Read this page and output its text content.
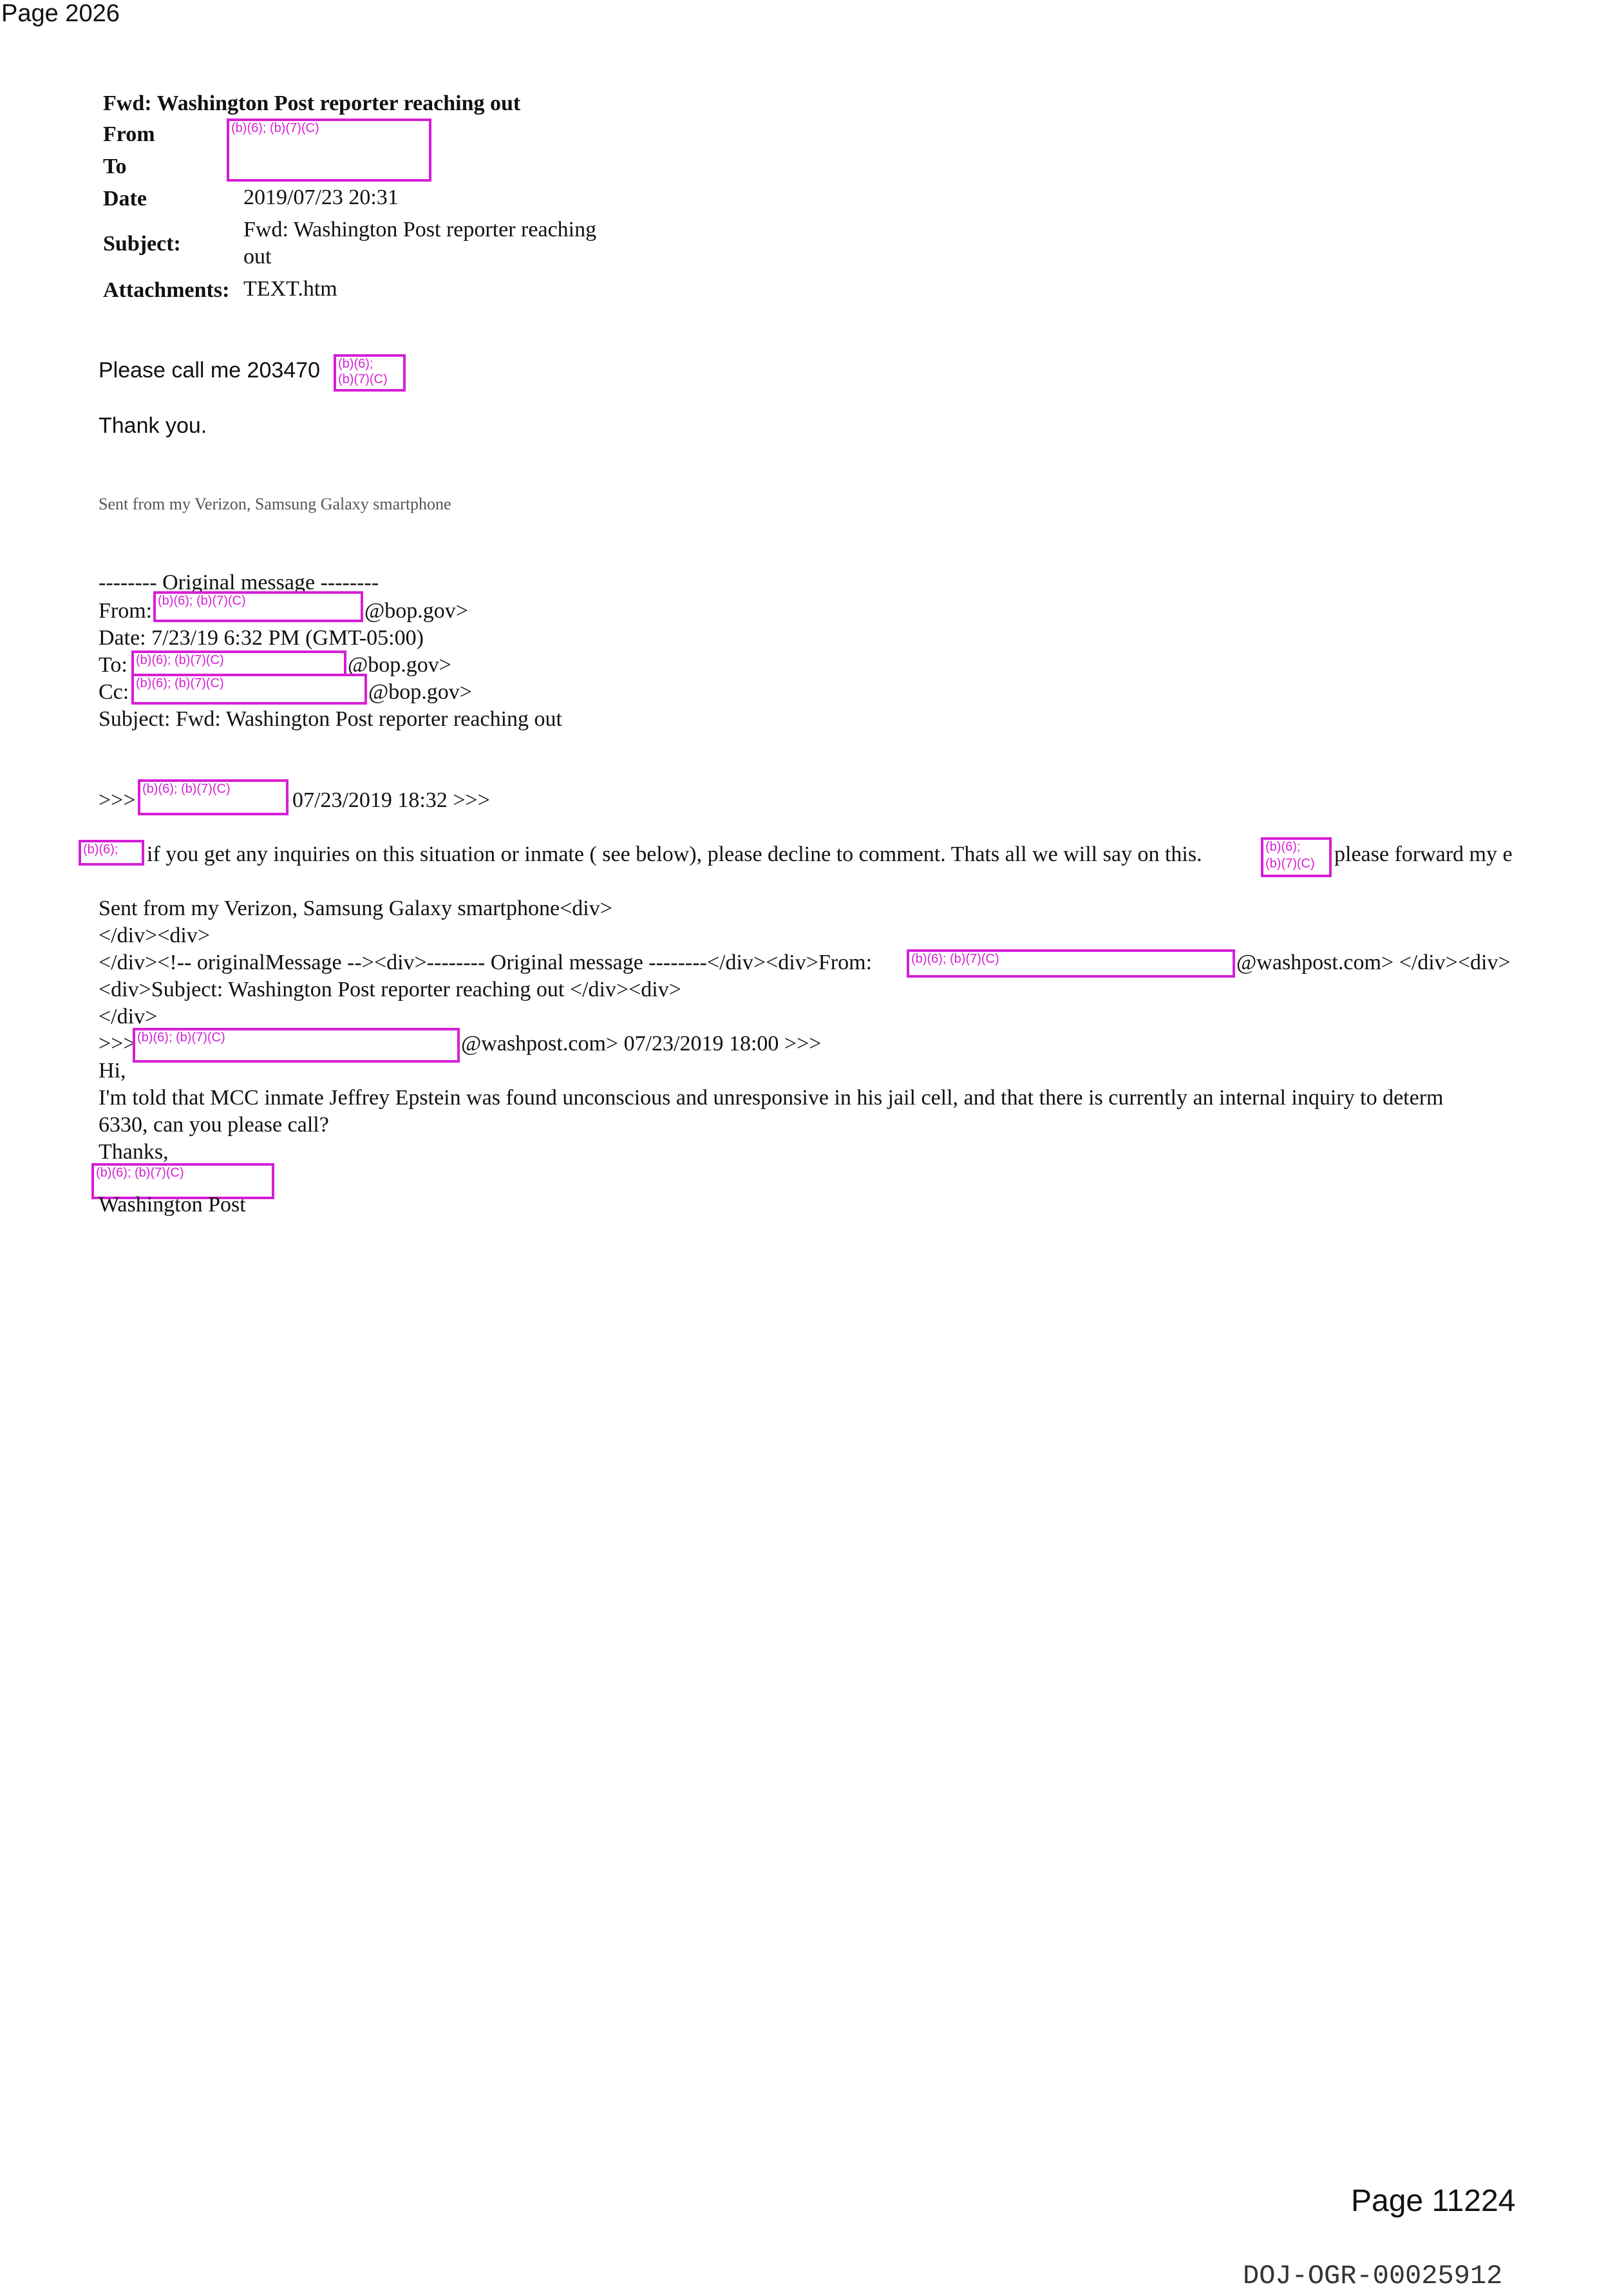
Page 2026
Fwd: Washington Post reporter reaching out
From	(b)(6); (b)(7)(C)
To
Date	2019/07/23 20:31
Subject:
Fwd: Washington Post reporter reaching
out
Attachments: TEXT.htm
Please call me 203470 (b)(6);
(b)(7)(C)
Thank you.
Sent from my Verizon, Samsung Galaxy smartphone
-------- Original message --------
From: (b)(6); (b)(7)(C)	@bop.gov>
Date: 7/23/19 6:32 PM (GMT-05:00)
To: (b)(6); (b)(7)(C)	@bop.gov>
Cc: (b)(6); (b)(7)(C)	@bop.gov>
Subject: Fwd: Washington Post reporter reaching out
>>> (b)(6); (b)(7)(C)	07/23/2019 18:32 >>>
(b)(6); if you get any inquiries on this situation or inmate ( see below), please decline to comment. Thats all we will say on this.	(b)(6);
(b)(7)(C) please forward my e
Sent from my Verizon, Samsung Galaxy smartphone<div>
</div><div>
</div><!-- originalMessage --><div>-------- Original message --------</div><div>From:	(b)(6); (b)(7)(C)	@washpost.com> </div><div>
<div>Subject: Washington Post reporter reaching out </div><div>
</div>
>>> (b)(6); (b)(7)(C)	@washpost.com> 07/23/2019 18:00 >>>
Hi,
I'm told that MCC inmate Jeffrey Epstein was found unconscious and unresponsive in his jail cell, and that there is currently an internal inquiry to determ
6330, can you please call?
Thanks,
(b)(6); (b)(7)(C)
Washington Post
Page 11224
DOJ-OGR-00025912
